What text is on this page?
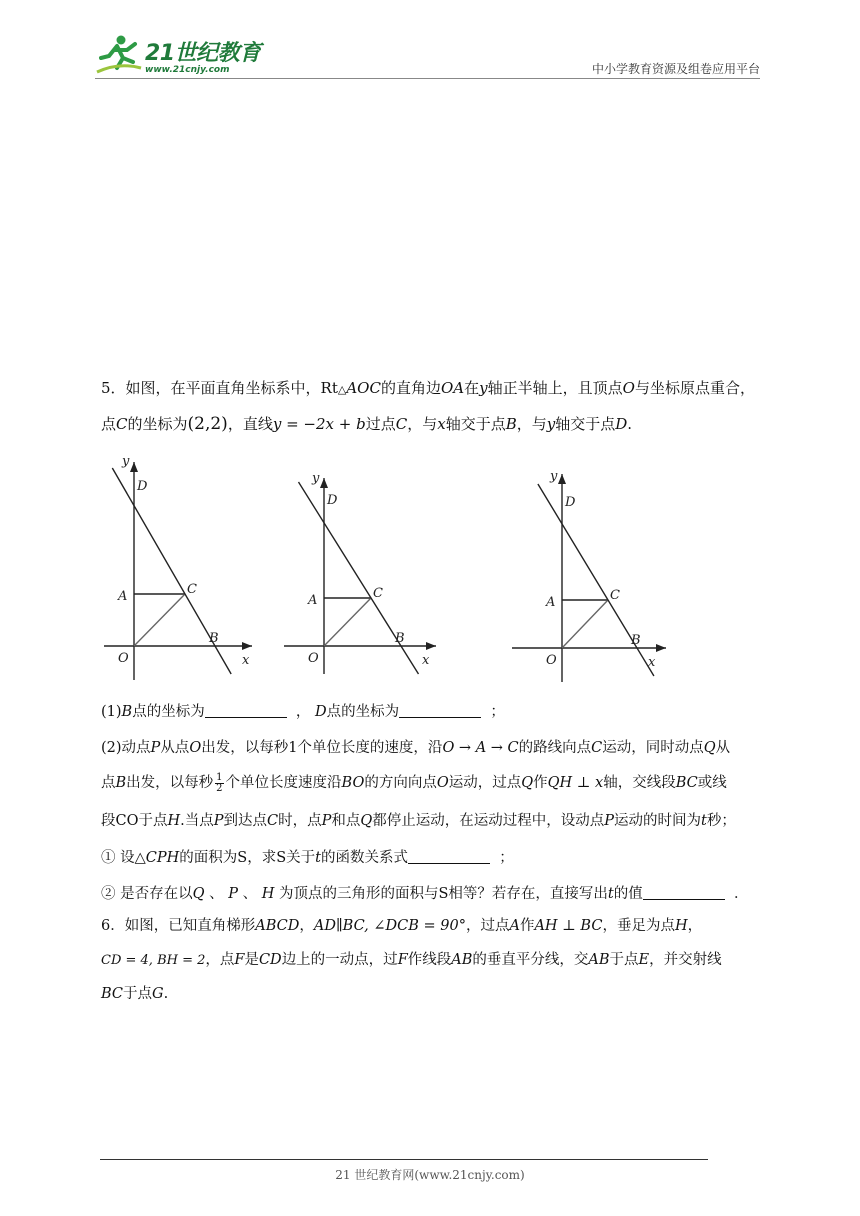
21世纪教育
www.21cnjy.com	中小学教育资源及组卷应用平台
5．如图，在平面直角坐标系中，Rt△AOC的直角边OA在y轴正半轴上，且顶点O与坐标原点重合，
点C的坐标为(2,2)，直线y = −2x + b过点C，与x轴交于点B，与y轴交于点D.
y
x
O
A	C
B
D
y
x
O
A	C
B
D
y
x
O
A	C
B
D
(1)B点的坐标为	， D点的坐标为	；
(2)动点P从点O出发，以每秒1个单位长度的速度，沿O → A → C的路线向点C运动，同时动点Q从
点B出发，以每秒 $\frac{1}{2}$ 个单位长度速度沿BO的方向向点O运动，过点Q作QH ⊥ x轴，交线段BC或线
段CO于点H.当点P到达点C时，点P和点Q都停止运动，在运动过程中，设动点P运动的时间为t秒；
① 设△CPH的面积为S，求S关于t的函数关系式	；
② 是否存在以Q 、 P 、 H 为顶点的三角形的面积与S相等？若存在，直接写出t的值	．
6．如图，已知直角梯形ABCD，AD∥BC, ∠DCB = 90°，过点A作AH ⊥ BC，垂足为点H，
CD = 4, BH = 2，点F是CD边上的一动点，过F作线段AB的垂直平分线，交AB于点E，并交射线
BC于点G.
21 世纪教育网(www.21cnjy.com)
